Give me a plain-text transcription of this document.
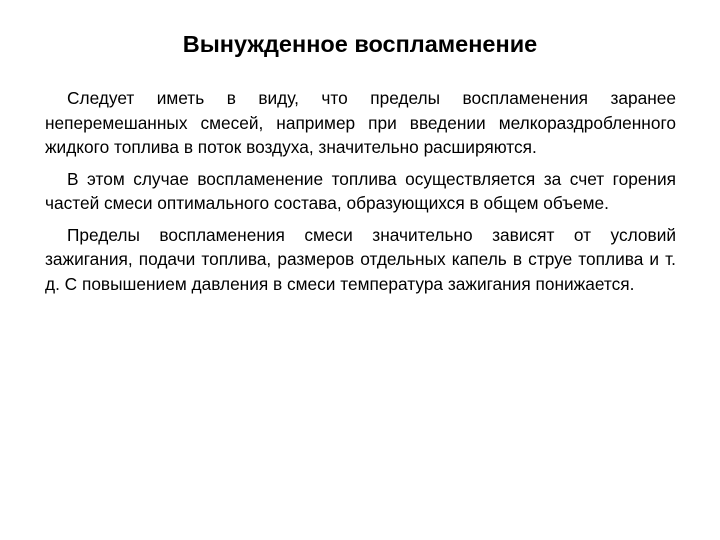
Вынужденное воспламенение

Следует иметь в виду, что пределы воспламенения заранее неперемешанных смесей, например при введении мелкораздробленного жидкого топлива в поток воздуха, значительно расширяются.

В этом случае воспламенение топлива осуществляется за счет горения частей смеси оптимального состава, образующихся в общем объеме.

Пределы воспламенения смеси значительно зависят от условий зажигания, подачи топлива, размеров отдельных капель в струе топлива и т. д. С повышением давления в смеси температура зажигания понижается.
